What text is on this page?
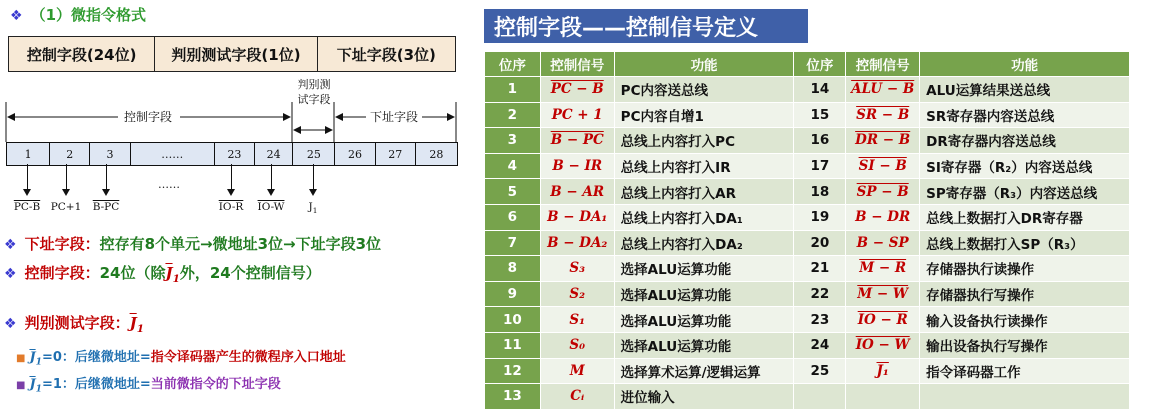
❖ （1）微指令格式
控制字段(24位)	判别测试字段(1位)	下址字段(3位)
判别测
试字段
控制字段	下址字段
1	2	3	……	23	24	25	26	27	28
……
PC-B PC+1 B-PC	IO-R IO-W $J_1$
❖ 下址字段：控存有8个单元→微地址3位→下址字段3位
❖ 控制字段：24位（除$\overline{J}_1$外，24个控制信号）
❖ 判别测试字段：$\overline{J}_1$
■ $\overline{J}_1=0$：后继微地址=指令译码器产生的微程序入口地址
■ $\overline{J}_1=1$：后继微地址=当前微指令的下址字段
控制字段——控制信号定义
位序	控制信号	功能	位序	控制信号	功能
1	PC − B	PC内容送总线	14	ALU − B	ALU运算结果送总线
2	PC + 1	PC内容自增1	15	SR − B	SR寄存器内容送总线
3	B − PC	总线上内容打入PC	16	DR − B	DR寄存器内容送总线
4	B − IR	总线上内容打入IR	17	SI − B	SI寄存器（R₂）内容送总线
5	B − AR	总线上内容打入AR	18	SP − B	SP寄存器（R₃）内容送总线
6	B − DA₁	总线上内容打入DA₁	19	B − DR	总线上数据打入DR寄存器
7	B − DA₂	总线上内容打入DA₂	20	B − SP	总线上数据打入SP（R₃）
8	S₃	选择ALU运算功能	21	M − R	存储器执行读操作
9	S₂	选择ALU运算功能	22	M − W	存储器执行写操作
10	S₁	选择ALU运算功能	23	IO − R	输入设备执行读操作
11	S₀	选择ALU运算功能	24	IO − W	输出设备执行写操作
12	M	选择算术运算/逻辑运算	25	J₁	指令译码器工作
13	Cᵢ	进位输入			
